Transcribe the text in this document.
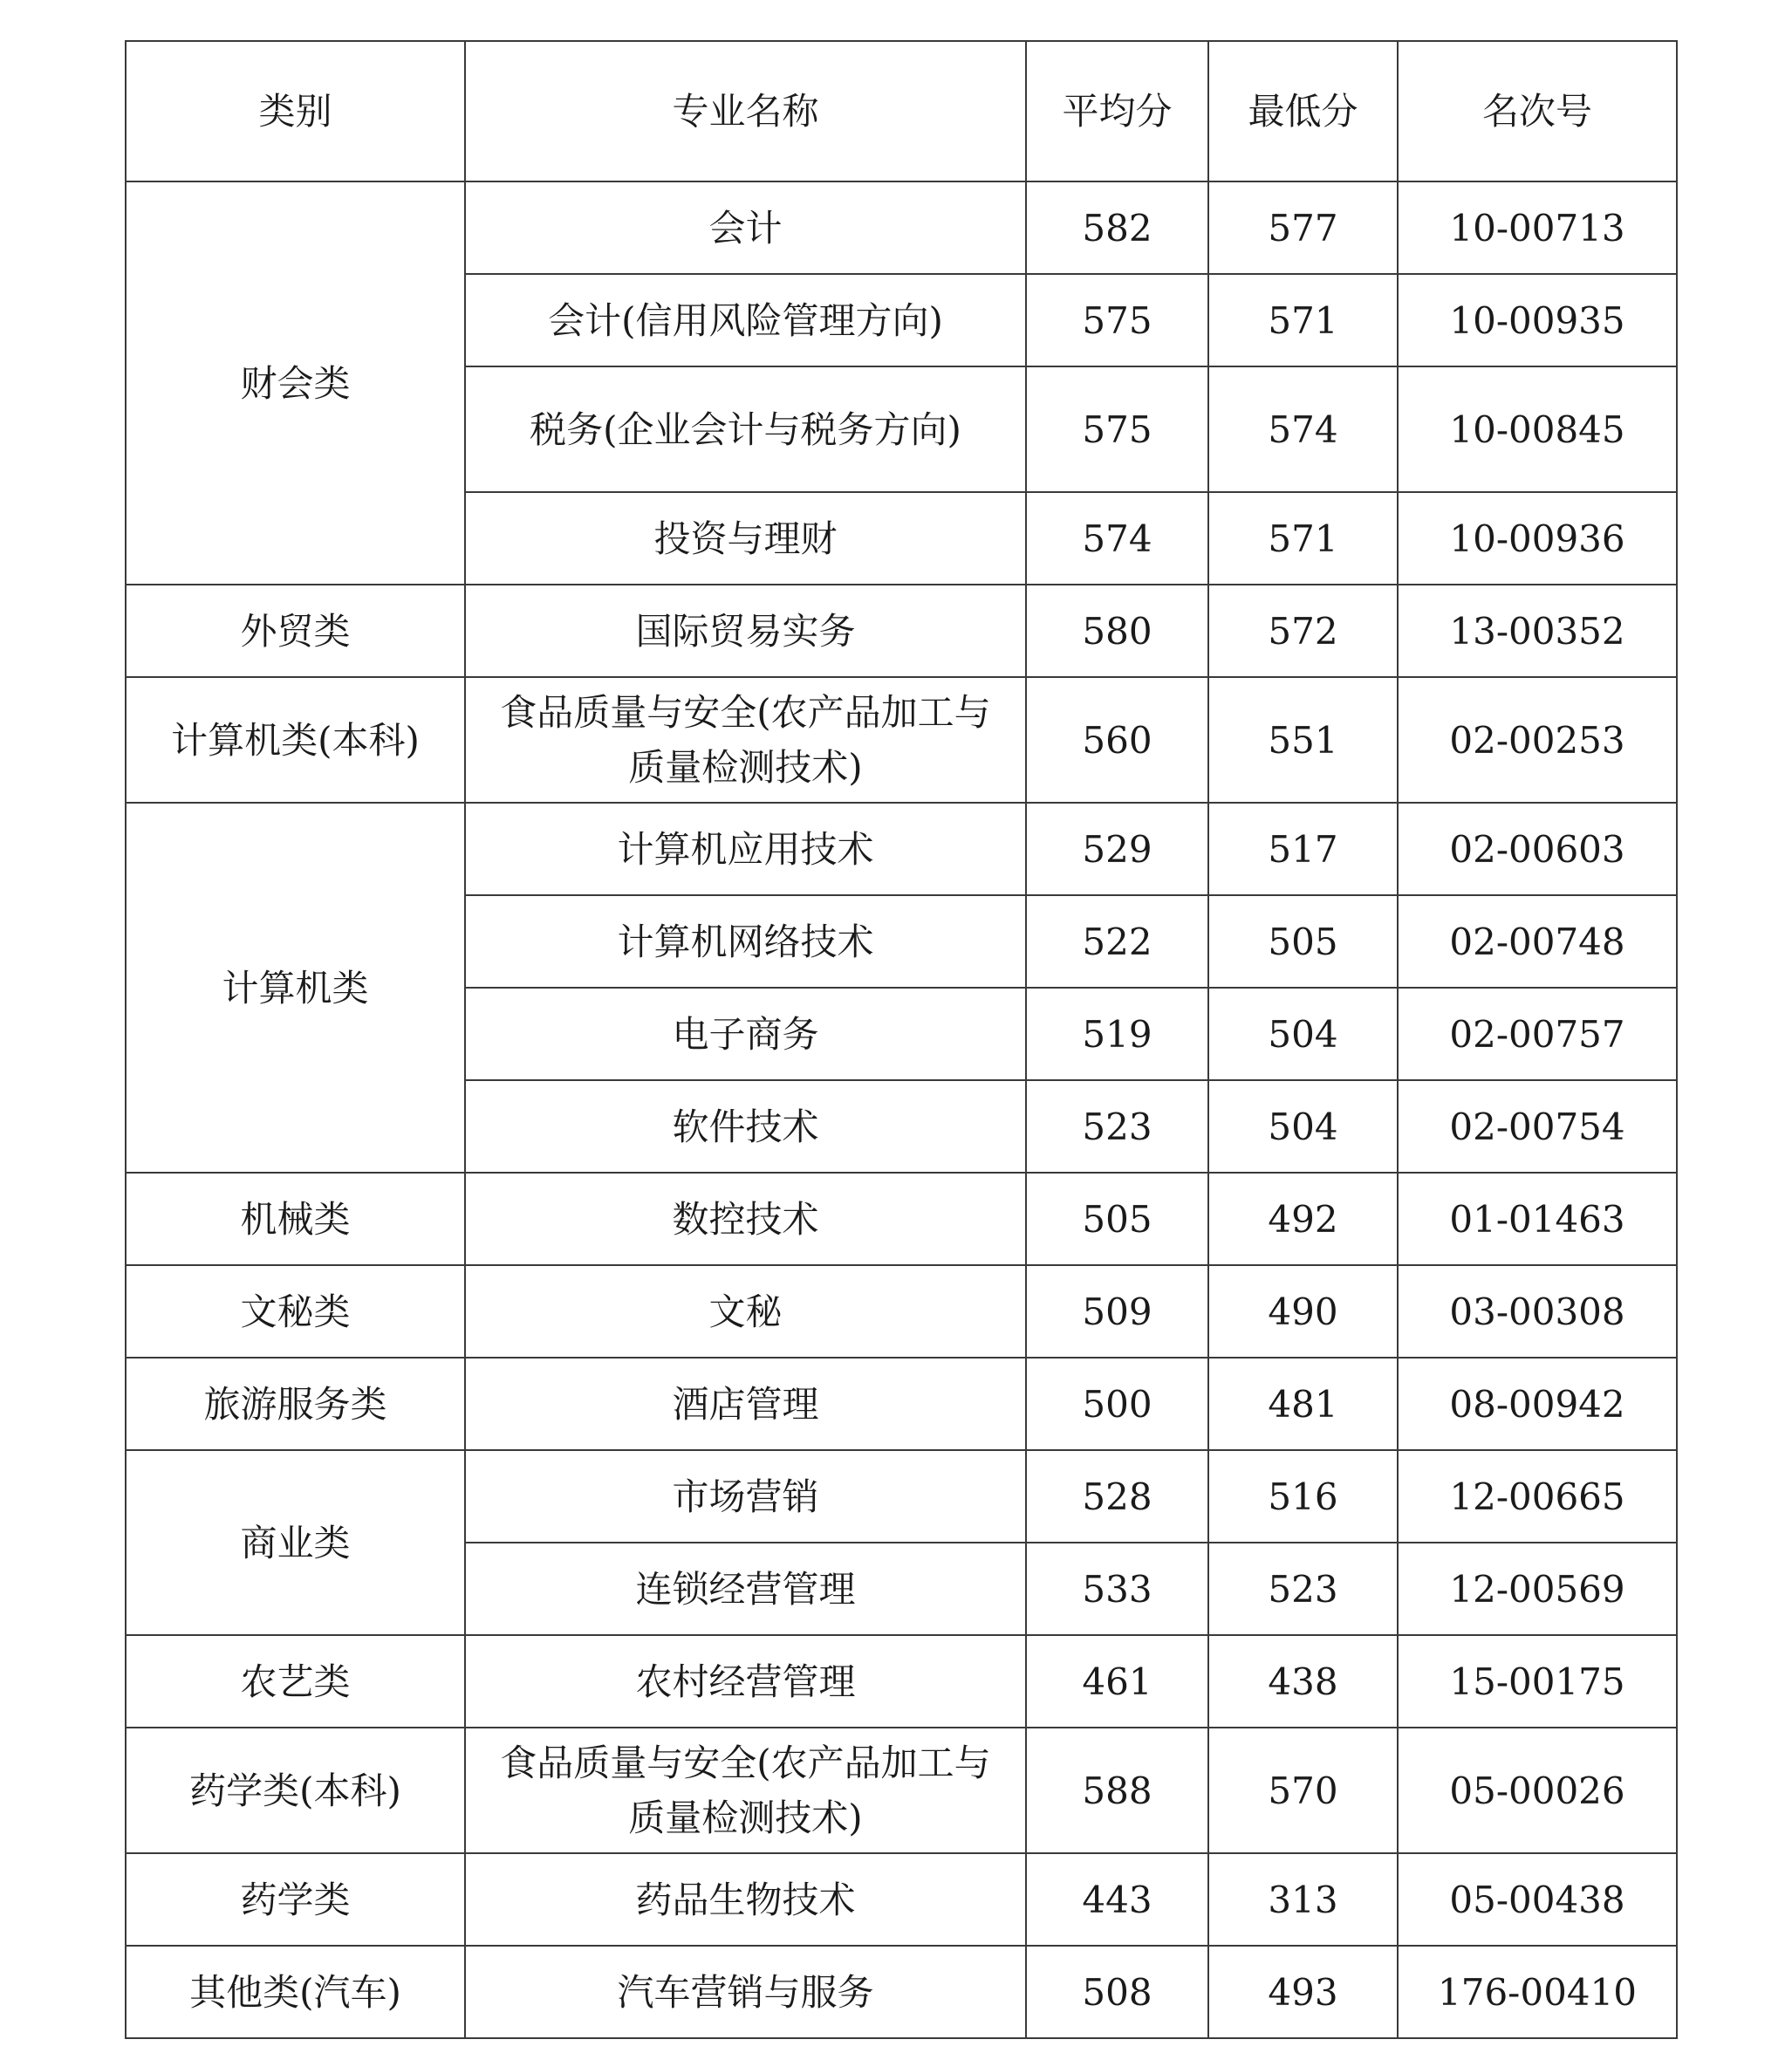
类别	专业名称	平均分	最低分	名次号
财会类	会计	582	577	10-00713
	会计(信用风险管理方向)	575	571	10-00935
	税务(企业会计与税务方向)	575	574	10-00845
	投资与理财	574	571	10-00936
外贸类	国际贸易实务	580	572	13-00352
计算机类(本科)	食品质量与安全(农产品加工与质量检测技术)	560	551	02-00253
计算机类	计算机应用技术	529	517	02-00603
	计算机网络技术	522	505	02-00748
	电子商务	519	504	02-00757
	软件技术	523	504	02-00754
机械类	数控技术	505	492	01-01463
文秘类	文秘	509	490	03-00308
旅游服务类	酒店管理	500	481	08-00942
商业类	市场营销	528	516	12-00665
	连锁经营管理	533	523	12-00569
农艺类	农村经营管理	461	438	15-00175
药学类(本科)	食品质量与安全(农产品加工与质量检测技术)	588	570	05-00026
药学类	药品生物技术	443	313	05-00438
其他类(汽车)	汽车营销与服务	508	493	176-00410
